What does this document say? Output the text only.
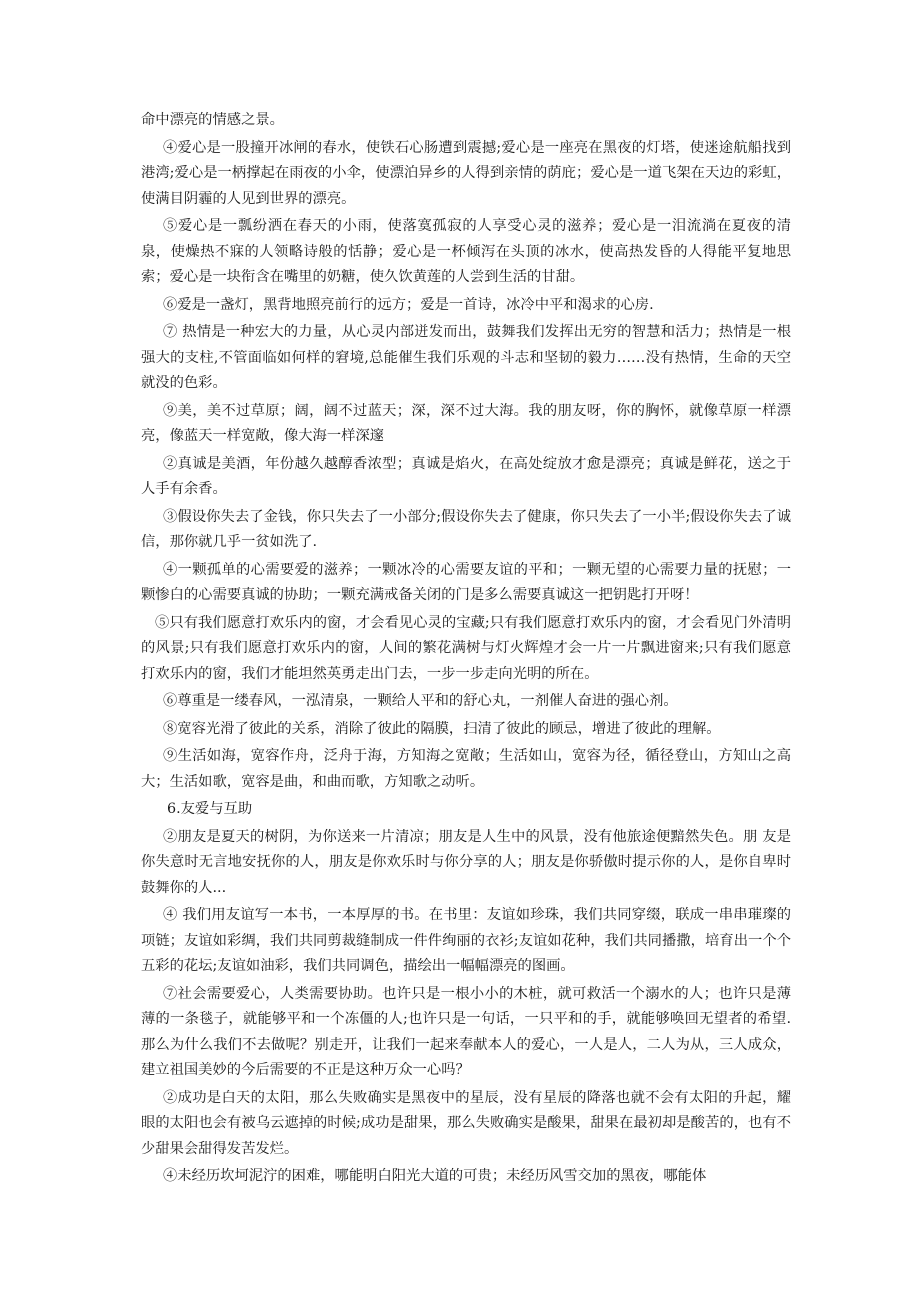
命中漂亮的情感之景。

④爱心是一股撞开冰闸的春水，使铁石心肠遭到震撼;爱心是一座亮在黑夜的灯塔，使迷途航船找到港湾;爱心是一柄撑起在雨夜的小伞，使漂泊异乡的人得到亲情的荫庇；爱心是一道飞架在天边的彩虹，使满目阴霾的人见到世界的漂亮。

⑤爱心是一瓢纷洒在春天的小雨，使落寞孤寂的人享受心灵的滋养；爱心是一泪流淌在夏夜的清泉，使燥热不寐的人领略诗般的恬静；爱心是一杯倾泻在头顶的冰水，使高热发昏的人得能平复地思索；爱心是一块衔含在嘴里的奶糖，使久饮黄莲的人尝到生活的甘甜。

⑥爱是一盏灯，黑背地照亮前行的远方；爱是一首诗，冰冷中平和渴求的心房.

⑦ 热情是一种宏大的力量，从心灵内部迸发而出，鼓舞我们发挥出无穷的智慧和活力；热情是一根强大的支柱,不管面临如何样的窘境,总能催生我们乐观的斗志和坚韧的毅力……没有热情，生命的天空就没的色彩。

⑨美，美不过草原；阔，阔不过蓝天；深，深不过大海。我的朋友呀，你的胸怀，就像草原一样漂亮，像蓝天一样宽敞，像大海一样深邃

②真诚是美酒，年份越久越醇香浓型；真诚是焰火，在高处绽放才愈是漂亮；真诚是鲜花，送之于人手有余香。

③假设你失去了金钱，你只失去了一小部分;假设你失去了健康，你只失去了一小半;假设你失去了诚信，那你就几乎一贫如洗了.

④一颗孤单的心需要爱的滋养；一颗冰冷的心需要友谊的平和；一颗无望的心需要力量的抚慰；一颗惨白的心需要真诚的协助；一颗充满戒备关闭的门是多么需要真诚这一把钥匙打开呀！

⑤只有我们愿意打欢乐内的窗，才会看见心灵的宝藏;只有我们愿意打欢乐内的窗，才会看见门外清明的风景;只有我们愿意打欢乐内的窗，人间的繁花满树与灯火辉煌才会一片一片飘进窗来;只有我们愿意打欢乐内的窗，我们才能坦然英勇走出门去，一步一步走向光明的所在。

⑥尊重是一缕春风，一泓清泉，一颗给人平和的舒心丸，一剂催人奋进的强心剂。

⑧宽容光滑了彼此的关系，消除了彼此的隔膜，扫清了彼此的顾忌，增进了彼此的理解。

⑨生活如海，宽容作舟，泛舟于海，方知海之宽敞；生活如山，宽容为径，循径登山，方知山之高大；生活如歌，宽容是曲，和曲而歌，方知歌之动听。

6.友爱与互助

②朋友是夏天的树阴，为你送来一片清凉；朋友是人生中的风景，没有他旅途便黯然失色。朋 友是你失意时无言地安抚你的人，朋友是你欢乐时与你分享的人；朋友是你骄傲时提示你的人，是你自卑时鼓舞你的人...

④ 我们用友谊写一本书，一本厚厚的书。在书里：友谊如珍珠，我们共同穿缀，联成一串串璀璨的项链；友谊如彩绸，我们共同剪裁缝制成一件件绚丽的衣衫;友谊如花种，我们共同播撒，培育出一个个五彩的花坛;友谊如油彩，我们共同调色，描绘出一幅幅漂亮的图画。

⑦社会需要爱心，人类需要协助。也许只是一根小小的木桩，就可救活一个溺水的人；也许只是薄薄的一条毯子，就能够平和一个冻僵的人;也许只是一句话，一只平和的手，就能够唤回无望者的希望.那么为什么我们不去做呢？别走开，让我们一起来奉献本人的爱心，一人是人，二人为从，三人成众，建立祖国美妙的今后需要的不正是这种万众一心吗？

②成功是白天的太阳，那么失败确实是黑夜中的星辰，没有星辰的降落也就不会有太阳的升起，耀眼的太阳也会有被乌云遮掉的时候;成功是甜果，那么失败确实是酸果，甜果在最初却是酸苦的，也有不少甜果会甜得发苦发烂。

④未经历坎坷泥泞的困难，哪能明白阳光大道的可贵；未经历风雪交加的黑夜，哪能体
